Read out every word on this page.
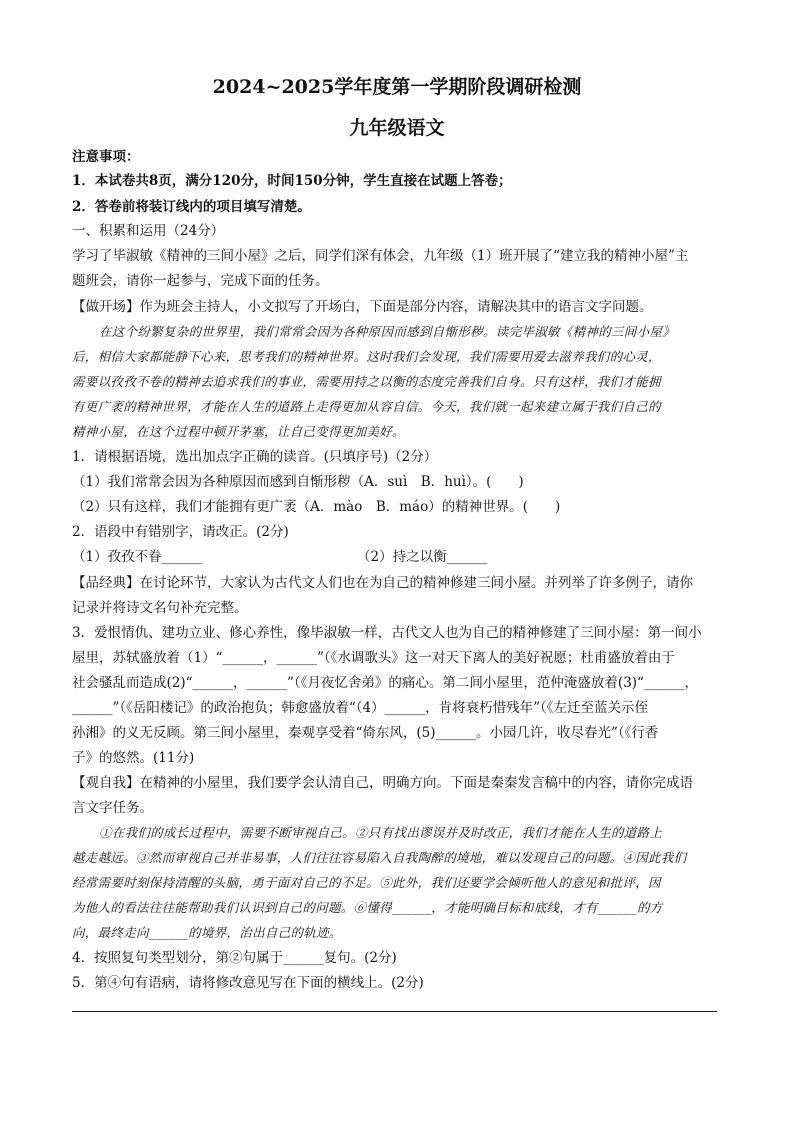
2024~2025学年度第一学期阶段调研检测
九年级语文
注意事项：
1．本试卷共8页，满分120分，时间150分钟，学生直接在试题上答卷；
2．答卷前将装订线内的项目填写清楚。
一、积累和运用（24分）
学习了毕淑敏《精神的三间小屋》之后，同学们深有体会，九年级（1）班开展了“建立我的精神小屋”主
题班会，请你一起参与，完成下面的任务。
【做开场】作为班会主持人，小文拟写了开场白，下面是部分内容，请解决其中的语言文字问题。
在这个纷繁复杂的世界里，我们常常会因为各种原因而感到自惭形秽。读完毕淑敏《精神的三间小屋》
后，相信大家都能静下心来，思考我们的精神世界。这时我们会发现，我们需要用爱去滋养我们的心灵，
需要以孜孜不卷的精神去追求我们的事业，需要用持之以衡的态度完善我们自身。只有这样，我们才能拥
有更广袤的精神世界，才能在人生的道路上走得更加从容自信。今天，我们就一起来建立属于我们自己的
精神小屋，在这个过程中顿开茅塞，让自己变得更加美好。
1．请根据语境，选出加点字正确的读音。(只填序号)（2分）
（1）我们常常会因为各种原因而感到自惭形秽（A．suì　B．huì）。(　　)
（2）只有这样，我们才能拥有更广袤（A．mào　B．máo）的精神世界。(　　)
2．语段中有错别字，请改正。(2分)
（1）孜孜不眷______	（2）持之以衡______
【品经典】在讨论环节，大家认为古代文人们也在为自己的精神修建三间小屋。并列举了许多例子，请你
记录并将诗文名句补充完整。
3．爱恨情仇、建功立业、修心养性，像毕淑敏一样，古代文人也为自己的精神修建了三间小屋：第一间小
屋里，苏轼盛放着（1）“______，______”（《水调歌头》这一对天下离人的美好祝愿；杜甫盛放着由于
社会骚乱而造成(2)“______，______”（《月夜忆舍弟》的痛心。第二间小屋里，范仲淹盛放着(3)“______，
______”（《岳阳楼记》的政治抱负；韩愈盛放着“（4）______，肯将衰朽惜残年”（《左迁至蓝关示侄
孙湘》的义无反顾。第三间小屋里，秦观享受着“倚东风，(5)______。小园几许，收尽春光”（《行香
子》的悠然。(11分)
【观自我】在精神的小屋里，我们要学会认清自己，明确方向。下面是秦秦发言稿中的内容，请你完成语
言文字任务。
①在我们的成长过程中，需要不断审视自己。②只有找出谬误并及时改正，我们才能在人生的道路上
越走越远。③然而审视自己并非易事，人们往往容易陷入自我陶醉的境地，难以发现自己的问题。④因此我们
经常需要时刻保持清醒的头脑，勇于面对自己的不足。⑤此外，我们还要学会倾听他人的意见和批评，因
为他人的看法往往能帮助我们认识到自己的问题。⑥懂得______，才能明确目标和底线，才有______的方
向，最终走向______的境界，治出自己的轨迹。
4．按照复句类型划分，第②句属于______复句。(2分)
5．第④句有语病，请将修改意见写在下面的横线上。(2分)
